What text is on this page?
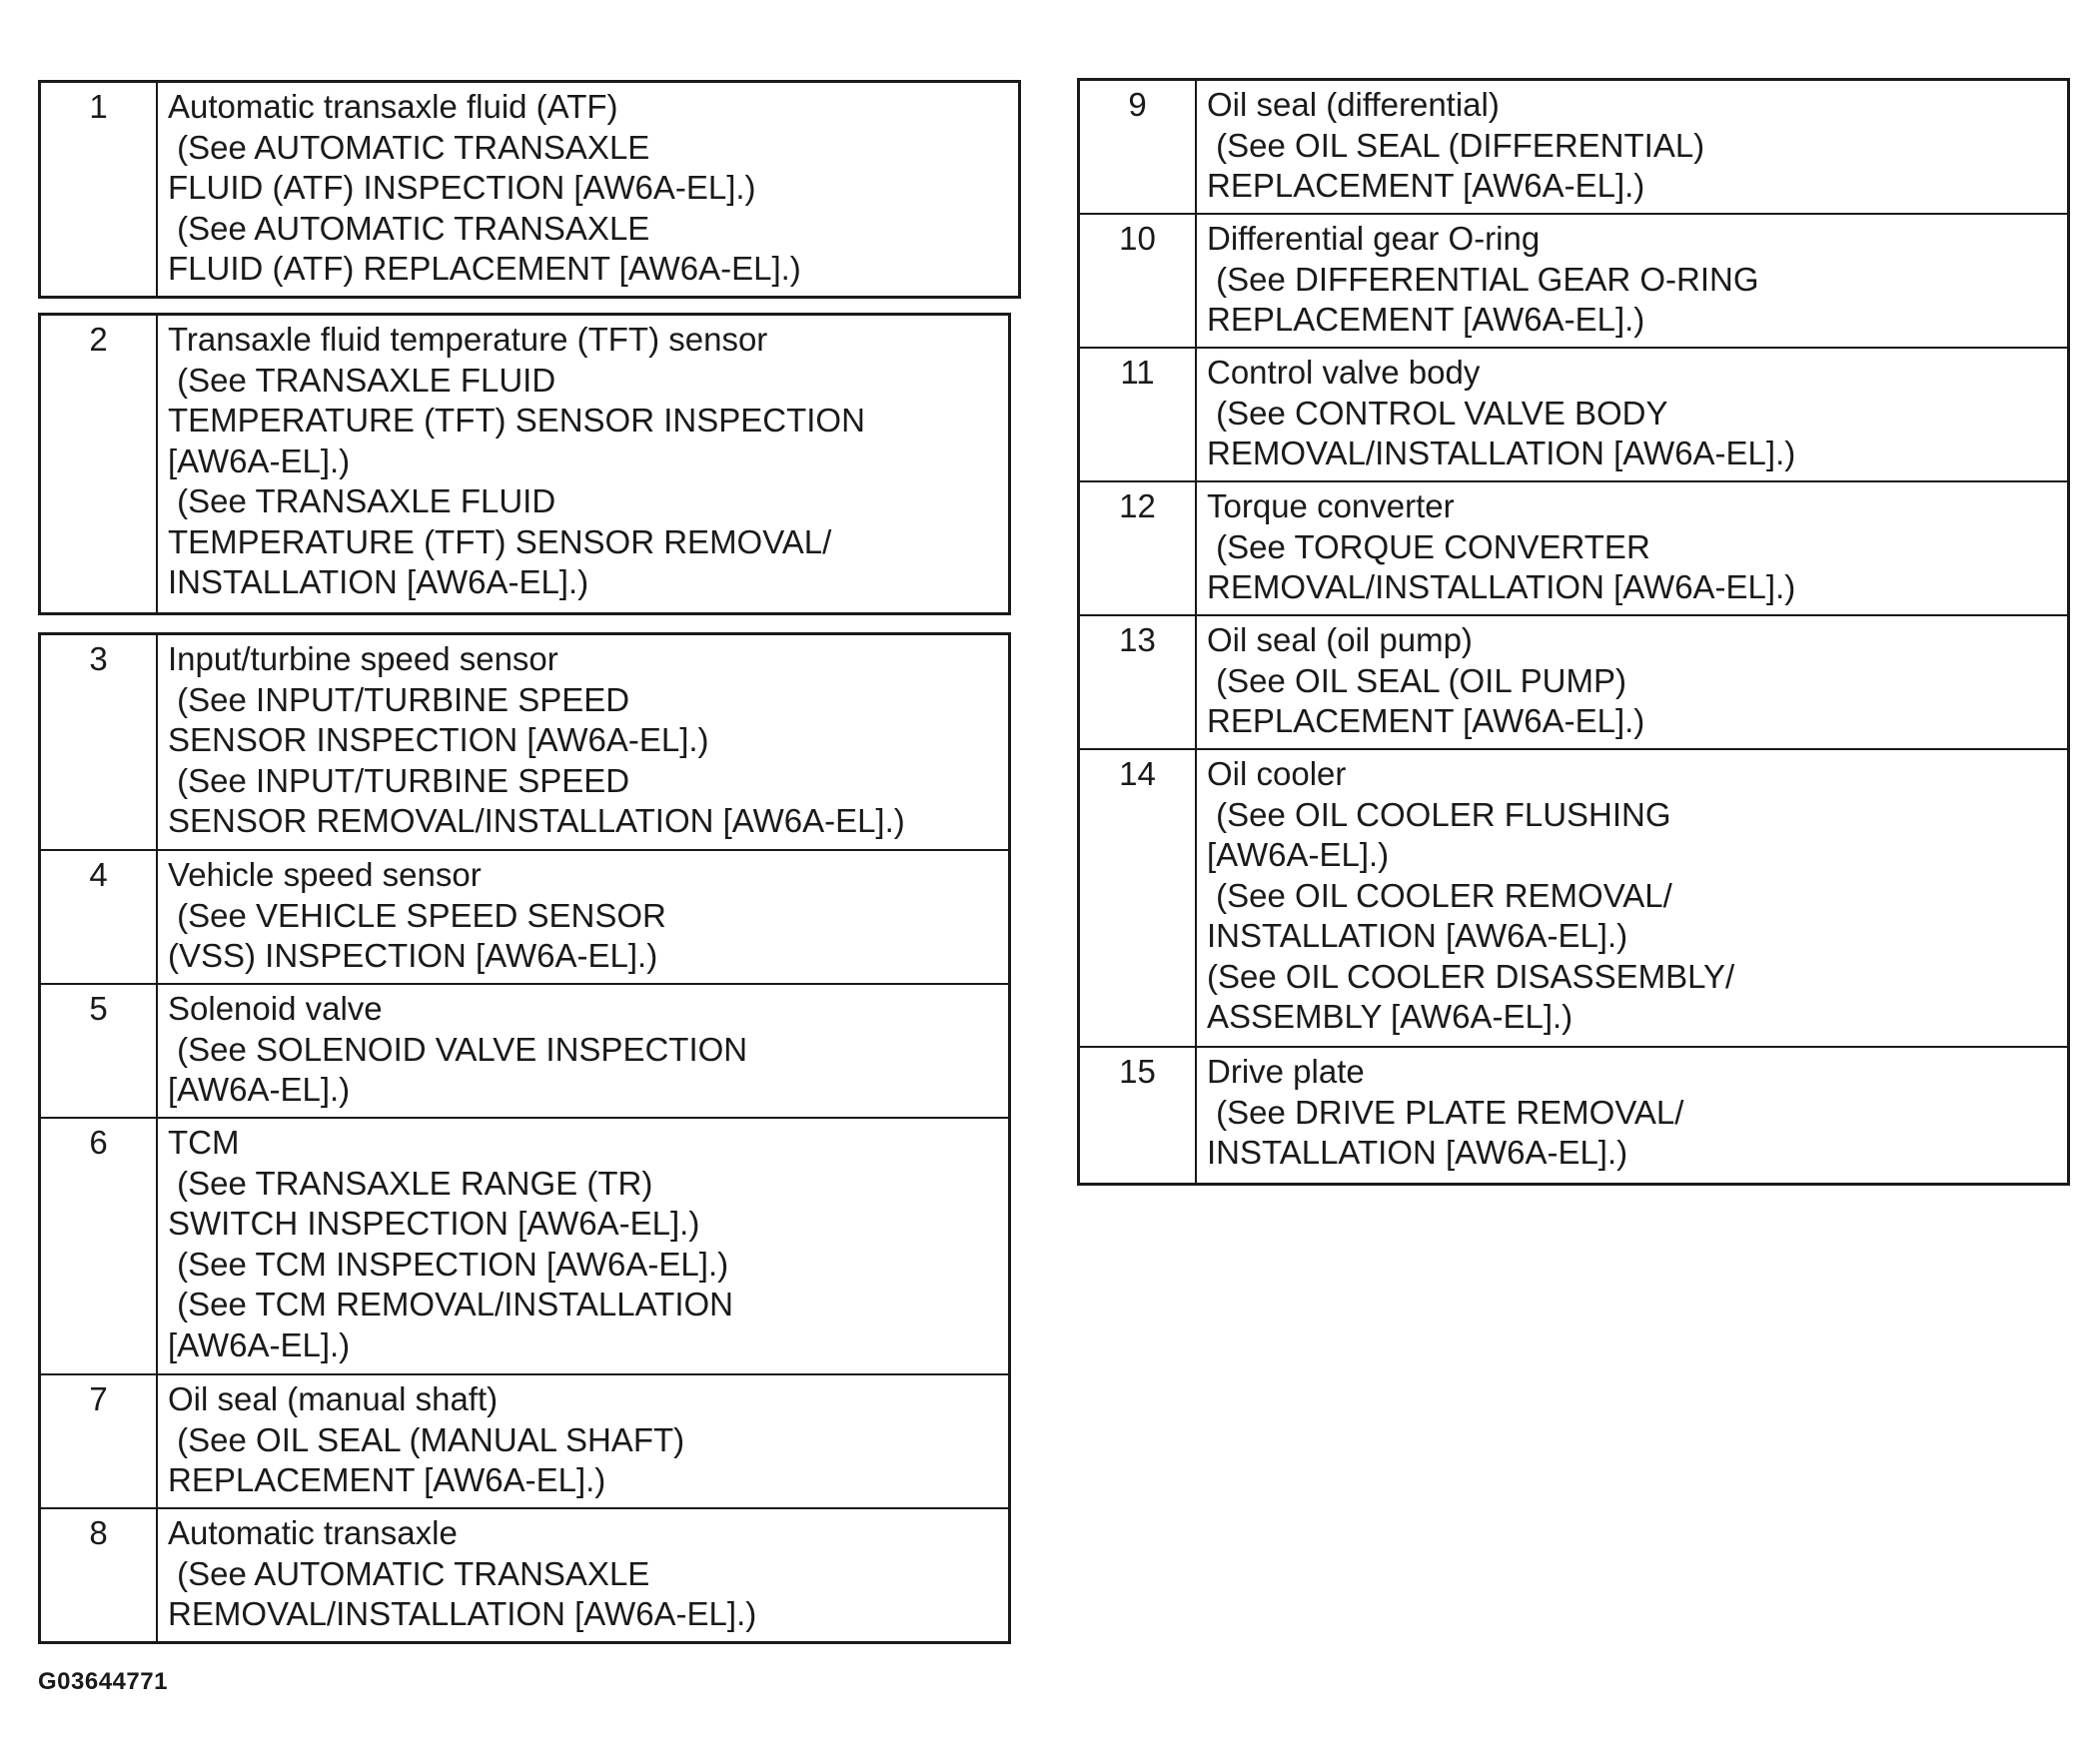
1	Automatic transaxle fluid (ATF)
(See AUTOMATIC TRANSAXLE
FLUID (ATF) INSPECTION [AW6A-EL].)
(See AUTOMATIC TRANSAXLE
FLUID (ATF) REPLACEMENT [AW6A-EL].)
2	Transaxle fluid temperature (TFT) sensor
(See TRANSAXLE FLUID
TEMPERATURE (TFT) SENSOR INSPECTION
[AW6A-EL].)
(See TRANSAXLE FLUID
TEMPERATURE (TFT) SENSOR REMOVAL/
INSTALLATION [AW6A-EL].)
3	Input/turbine speed sensor
(See INPUT/TURBINE SPEED
SENSOR INSPECTION [AW6A-EL].)
(See INPUT/TURBINE SPEED
SENSOR REMOVAL/INSTALLATION [AW6A-EL].)
4	Vehicle speed sensor
(See VEHICLE SPEED SENSOR
(VSS) INSPECTION [AW6A-EL].)
5	Solenoid valve
(See SOLENOID VALVE INSPECTION
[AW6A-EL].)
6	TCM
(See TRANSAXLE RANGE (TR)
SWITCH INSPECTION [AW6A-EL].)
(See TCM INSPECTION [AW6A-EL].)
(See TCM REMOVAL/INSTALLATION
[AW6A-EL].)
7	Oil seal (manual shaft)
(See OIL SEAL (MANUAL SHAFT)
REPLACEMENT [AW6A-EL].)
8	Automatic transaxle
(See AUTOMATIC TRANSAXLE
REMOVAL/INSTALLATION [AW6A-EL].)
9	Oil seal (differential)
(See OIL SEAL (DIFFERENTIAL)
REPLACEMENT [AW6A-EL].)
10	Differential gear O-ring
(See DIFFERENTIAL GEAR O-RING
REPLACEMENT [AW6A-EL].)
11	Control valve body
(See CONTROL VALVE BODY
REMOVAL/INSTALLATION [AW6A-EL].)
12	Torque converter
(See TORQUE CONVERTER
REMOVAL/INSTALLATION [AW6A-EL].)
13	Oil seal (oil pump)
(See OIL SEAL (OIL PUMP)
REPLACEMENT [AW6A-EL].)
14	Oil cooler
(See OIL COOLER FLUSHING
[AW6A-EL].)
(See OIL COOLER REMOVAL/
INSTALLATION [AW6A-EL].)
(See OIL COOLER DISASSEMBLY/
ASSEMBLY [AW6A-EL].)
15	Drive plate
(See DRIVE PLATE REMOVAL/
INSTALLATION [AW6A-EL].)
G03644771
